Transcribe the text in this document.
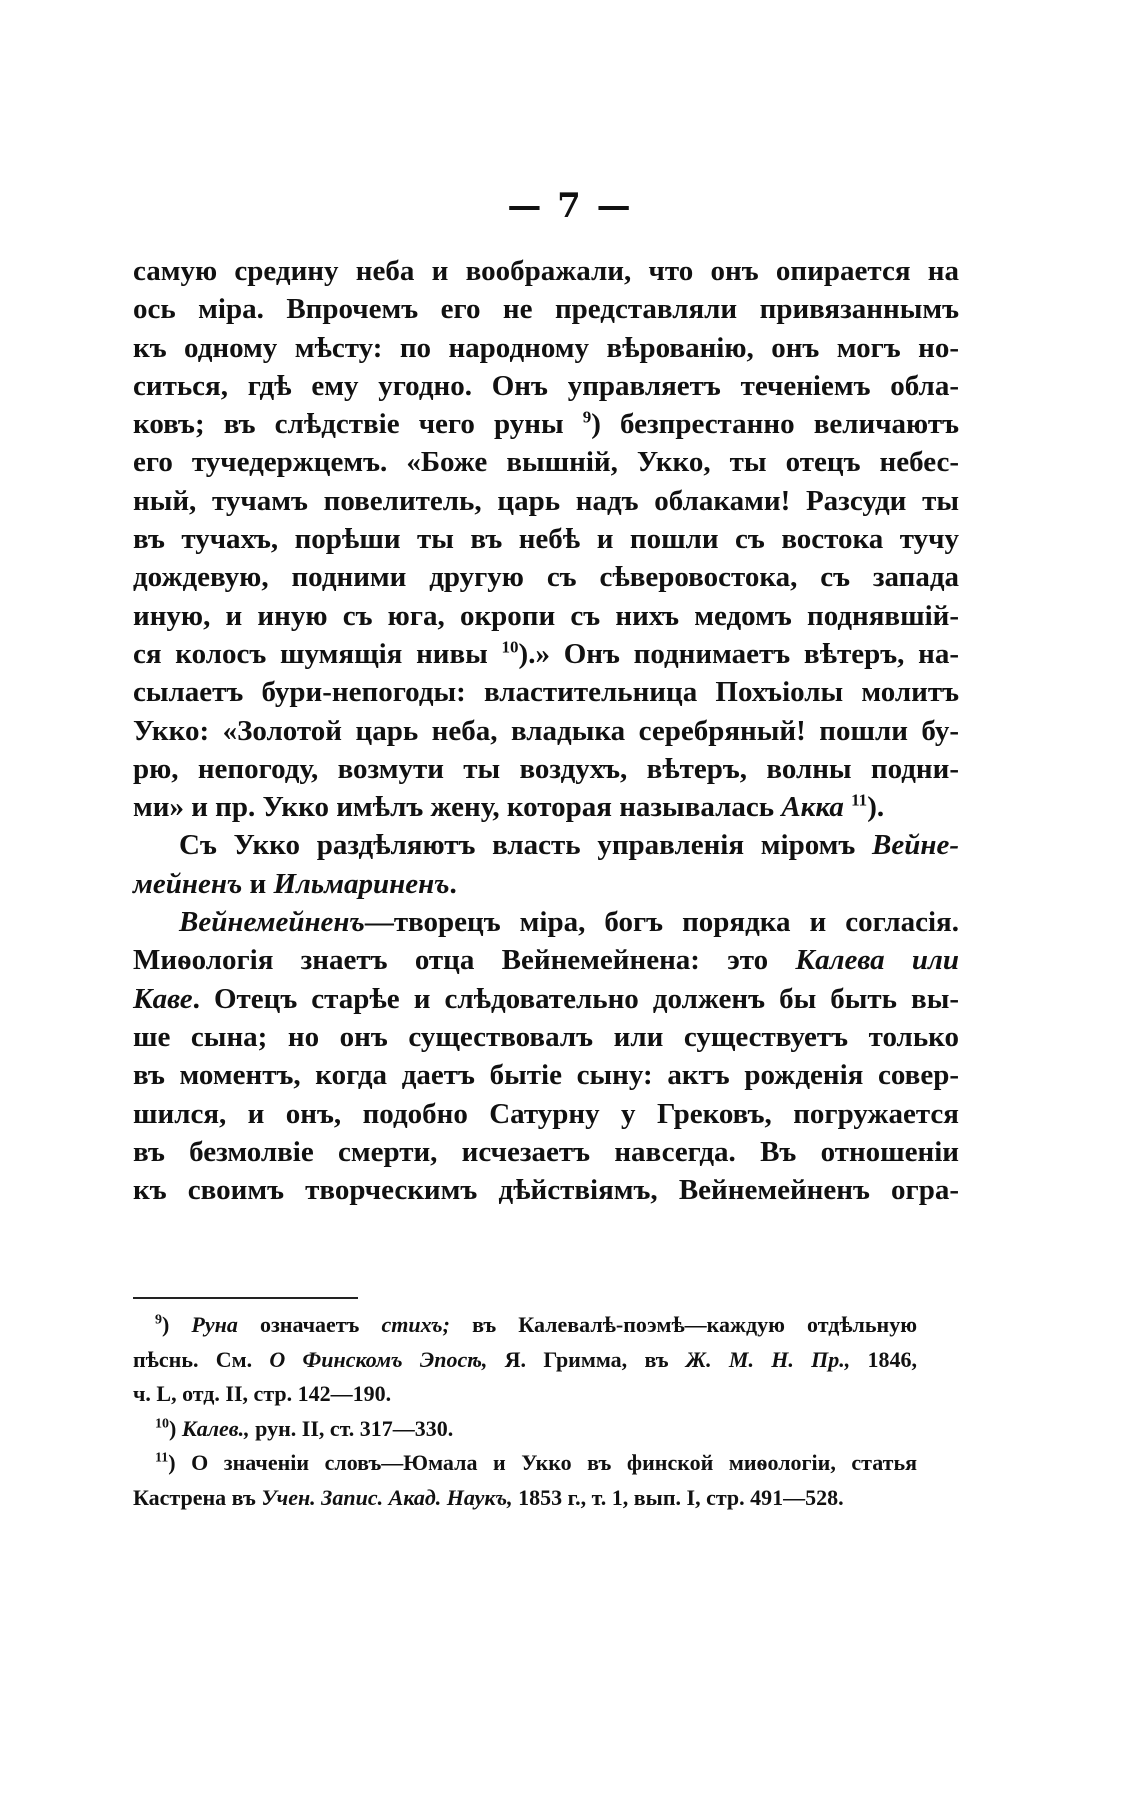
— 7 —
самую средину неба и воображали, что онъ опирается на
ось міра. Впрочемъ его не представляли привязаннымъ
къ одному мѣсту: по народному вѣрованію, онъ могъ но-
ситься, гдѣ ему угодно. Онъ управляетъ теченіемъ обла-
ковъ; въ слѣдствіе чего руны $^9$) безпрестанно величаютъ
его тучедержцемъ. «Боже вышній, Укко, ты отецъ небес-
ный, тучамъ повелитель, царь надъ облаками! Разсуди ты
въ тучахъ, порѣши ты въ небѣ и пошли съ востока тучу
дождевую, подними другую съ сѣверовостока, съ запада
иную, и иную съ юга, окропи съ нихъ медомъ поднявшій-
ся колосъ шумящія нивы $^{10}$).» Онъ поднимаетъ вѣтеръ, на-
сылаетъ бури-непогоды: властительница Похъіолы молитъ
Укко: «Золотой царь неба, владыка серебряный! пошли бу-
рю, непогоду, возмути ты воздухъ, вѣтеръ, волны подни-
ми» и пр. Укко имѣлъ жену, которая называлась Акка $^{11}$).
Съ Укко раздѣляютъ власть управленія міромъ Вейне-
мейненъ и Ильмариненъ.
Вейнемейненъ—творецъ міра, богъ порядка и согласія.
Миѳологія знаетъ отца Вейнемейнена: это Калева или
Каве. Отецъ старѣе и слѣдовательно долженъ бы быть вы-
ше сына; но онъ существовалъ или существуетъ только
въ моментъ, когда даетъ бытіе сыну: актъ рожденія совер-
шился, и онъ, подобно Сатурну у Грековъ, погружается
въ безмолвіе смерти, исчезаетъ навсегда. Въ отношеніи
къ своимъ творческимъ дѣйствіямъ, Вейнемейненъ огра-
$^9$) Руна означаетъ стихъ; въ Калевалѣ-поэмѣ—каждую отдѣльную
пѣснь. См. О Финскомъ Эпосѣ, Я. Гримма, въ Ж. М. Н. Пр., 1846,
ч. L, отд. II, стр. 142—190.
$^{10}$) Калев., рун. II, ст. 317—330.
$^{11}$) О значеніи словъ—Юмала и Укко въ финской миѳологіи, статья
Кастрена въ Учен. Запис. Акад. Наукъ, 1853 г., т. 1, вып. I, стр. 491—528.
